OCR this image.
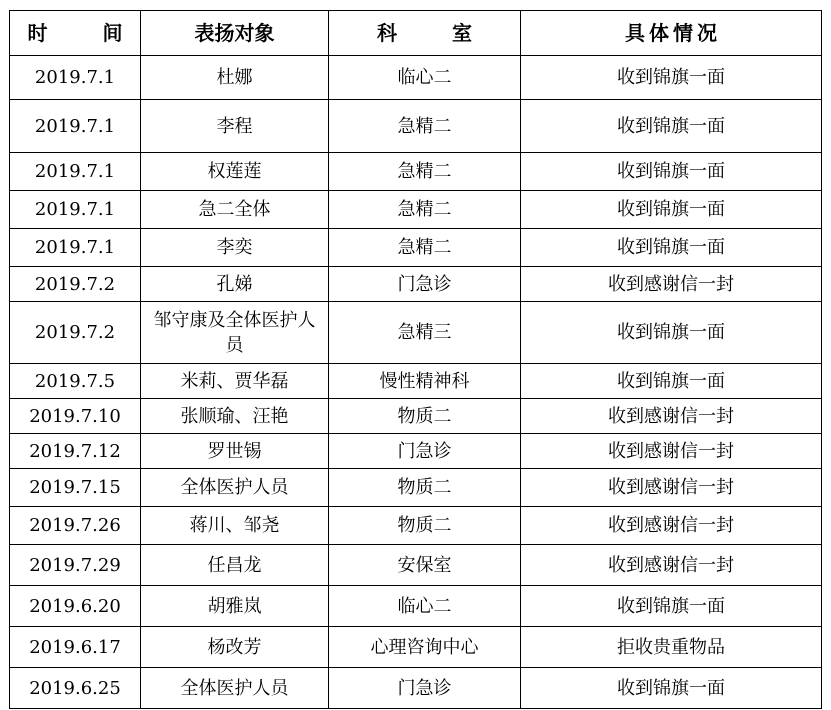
时 间	表扬对象	科 室	具体情况
2019.7.1	杜娜	临心二	收到锦旗一面
2019.7.1	李程	急精二	收到锦旗一面
2019.7.1	权莲莲	急精二	收到锦旗一面
2019.7.1	急二全体	急精二	收到锦旗一面
2019.7.1	李奕	急精二	收到锦旗一面
2019.7.2	孔娣	门急诊	收到感谢信一封
2019.7.2	邹守康及全体医护人员	急精三	收到锦旗一面
2019.7.5	米莉、贾华磊	慢性精神科	收到锦旗一面
2019.7.10	张顺瑜、汪艳	物质二	收到感谢信一封
2019.7.12	罗世锡	门急诊	收到感谢信一封
2019.7.15	全体医护人员	物质二	收到感谢信一封
2019.7.26	蒋川、邹尧	物质二	收到感谢信一封
2019.7.29	任昌龙	安保室	收到感谢信一封
2019.6.20	胡雅岚	临心二	收到锦旗一面
2019.6.17	杨改芳	心理咨询中心	拒收贵重物品
2019.6.25	全体医护人员	门急诊	收到锦旗一面
